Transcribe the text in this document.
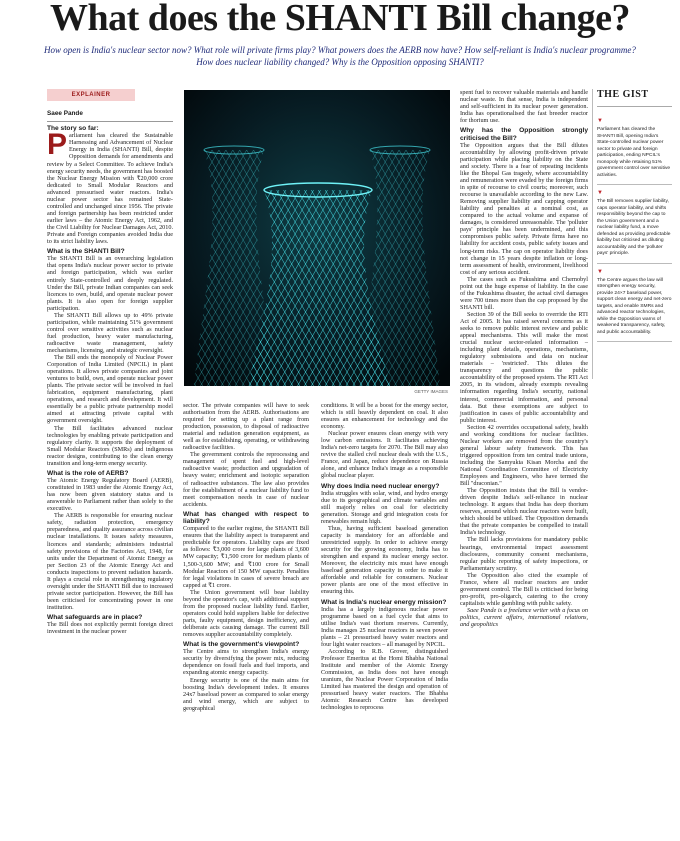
What does the SHANTI Bill change?
How open is India's nuclear sector now? What role will private firms play? What powers does the AERB now have? How self-reliant is India's nuclear programme?
How does nuclear liability changed? Why is the Opposition opposing SHANTI?
EXPLAINER
Saee Pande
The story so far:

Parliament has cleared the Sustainable Harnessing and Advancement of Nuclear Energy in India (SHANTI) Bill, despite Opposition demands for amendments and review by a Select Committee. To achieve India's energy security needs, the government has boosted the Nuclear Energy Mission with ₹20,000 crore dedicated to Small Modular Reactors and advanced pressurised water reactors. India's nuclear power sector has remained State-controlled and unchanged since 1956. The private and foreign partnership has been restricted under earlier laws – the Atomic Energy Act, 1962, and the Civil Liability for Nuclear Damages Act, 2010. Private and Foreign companies avoided India due to its strict liability laws.

What is the SHANTI Bill?

The SHANTI Bill is an overarching legislation that opens India's nuclear power sector to private and foreign participation, which was earlier entirely State-controlled and deeply regulated. Under the Bill, private Indian companies can seek licences to own, build, and operate nuclear power plants. It is also open for foreign supplier participation.

The SHANTI Bill allows up to 49% private participation, while maintaining 51% government control over sensitive activities such as nuclear fuel production, heavy water manufacturing, radioactive waste management, safety mechanisms, licensing, and strategic oversight.

The Bill ends the monopoly of Nuclear Power Corporation of India Limited (NPCIL) in plant operations. It allows private companies and joint ventures to build, own, and operate nuclear power plants. The private sector will be involved in fuel fabrication, equipment manufacturing, plant operations, and research and development. It will essentially be a public private partnership model aimed at attracting private capital with government oversight.

The Bill facilitates advanced nuclear technologies by enabling private participation and regulatory clarity. It supports the deployment of Small Modular Reactors (SMRs) and indigenous reactor designs, contributing to the clean energy transition and long-term energy security.

What is the role of AERB?

The Atomic Energy Regulatory Board (AERB), constituted in 1983 under the Atomic Energy Act, has now been given statutory status and is answerable to Parliament rather than solely to the executive.

The AERB is responsible for ensuring nuclear safety, radiation protection, emergency preparedness, and quality assurance across civilian nuclear installations. It issues safety measures, licences and standards; administers industrial safety provisions of the Factories Act, 1948, for units under the Department of Atomic Energy as per Section 23 of the Atomic Energy Act and conducts inspections to prevent radiation hazards. It plays a crucial role in strengthening regulatory oversight under the SHANTI Bill due to increased private sector participation. However, the Bill has been criticised for concentrating power in one institution.

What safeguards are in place?

The Bill does not explicitly permit foreign direct investment in the nuclear power

GETTY IMAGES

sector. The private companies will have to seek authorisation from the AERB. Authorisations are required for setting up a plant range from production, possession, to disposal of radioactive material and radiation generation equipment, as well as for establishing, operating, or withdrawing radioactive facilities.

The government controls the reprocessing and management of spent fuel and high-level radioactive waste; production and upgradation of heavy water; enrichment and isotopic separation of radioactive substances. The law also provides for the establishment of a nuclear liability fund to meet compensation needs in case of nuclear accidents.

What has changed with respect to liability?

Compared to the earlier regime, the SHANTI Bill ensures that the liability aspect is transparent and predictable for operators. Liability caps are fixed as follows: ₹3,000 crore for large plants of 3,600 MW capacity; ₹1,500 crore for medium plants of 1,500-3,600 MW; and ₹100 crore for Small Modular Reactors of 150 MW capacity. Penalties for legal violations in cases of severe breach are capped at ₹1 crore.

The Union government will bear liability beyond the operator's cap, with additional support from the proposed nuclear liability fund. Earlier, operators could hold suppliers liable for defective parts, faulty equipment, design inefficiency, and deliberate acts causing damage. The current Bill removes supplier accountability completely.

What is the government's viewpoint?

The Centre aims to strengthen India's energy security by diversifying the power mix, reducing dependence on fossil fuels and fuel imports, and expanding atomic energy capacity.

Energy security is one of the main aims for boosting India's development index. It ensures 24x7 baseload power as compared to solar energy and wind energy, which are subject to geographical

conditions. It will be a boost for the energy sector, which is still heavily dependent on coal. It also ensures an enhancement for technology and the economy.

Nuclear power ensures clean energy with very low carbon emissions. It facilitates achieving India's net-zero targets for 2070. The Bill may also revive the stalled civil nuclear deals with the U.S., France, and Japan, reduce dependence on Russia alone, and enhance India's image as a responsible global nuclear player.

Why does India need nuclear energy?

India struggles with solar, wind, and hydro energy due to its geographical and climate variables and still majorly relies on coal for electricity generation. Storage and grid integration costs for renewables remain high.

Thus, having sufficient baseload generation capacity is mandatory for an affordable and unrestricted supply. In order to achieve energy security for the growing economy, India has to strengthen and expand its nuclear energy sector. Moreover, the electricity mix must have enough baseload generation capacity in order to make it affordable and reliable for consumers. Nuclear power plants are one of the most effective in ensuring this.

What is India's nuclear energy mission?

India has a largely indigenous nuclear power programme based on a fuel cycle that aims to utilise India's vast thorium reserves. Currently, India manages 25 nuclear reactors in seven power plants – 21 pressurised heavy water reactors and four light water reactors – all managed by NPCIL.

According to R.B. Grover, distinguished Professor Emeritus at the Homi Bhabha National Institute and member of the Atomic Energy Commission, as India does not have enough uranium, the Nuclear Power Corporation of India Limited has mastered the design and operation of pressurised heavy water reactors. The Bhabha Atomic Research Centre has developed technologies to reprocess

spent fuel to recover valuable materials and handle nuclear waste. In that sense, India is independent and self-sufficient in its nuclear power generation. India has operationalised the fast breeder reactor for thorium use.

Why has the Opposition strongly criticised the Bill?

The Opposition argues that the Bill dilutes accountability by allowing profit-driven private participation while placing liability on the State and society. There is a fear of repeating incidents like the Bhopal Gas tragedy, where accountability and remuneration were evaded by the foreign firms in spite of recourse to civil courts; moreover, such recourse is unavailable according to the new Law. Removing supplier liability and capping operator liability and penalties at a nominal cost, as compared to the actual volume and expanse of damages, is considered unreasonable. The 'polluter pays' principle has been undermined, and this compromises public safety. Private firms have no liability for accident costs, public safety issues and long-term risks. The cap on operator liability does not change in 15 years despite inflation or long-term assessment of health, environment, livelihood cost of any serious accident.

The cases such as Fukushima and Chernobyl point out the huge expense of liability. In the case of the Fukushima disaster, the actual civil damages were 700 times more than the cap proposed by the SHANTI bill.

Section 39 of the Bill seeks to override the RTI Act of 2005. It has raised several concerns as it seeks to remove public interest review and public appeal mechanisms. This will make the most crucial nuclear sector-related information – including plant details, operations, mechanisms, regulatory submissions and data on nuclear materials – 'restricted'. This dilutes the transparency and questions the public accountability of the proposed system. The RTI Act 2005, in its wisdom, already exempts revealing information regarding India's security, national interest, commercial information, and personal data. But these exemptions are subject to justification in cases of public accountability and public interest.

Section 42 overrides occupational safety, health and working conditions for nuclear facilities. Nuclear workers are removed from the country's general labour safety framework. This has triggered opposition from ten central trade unions, including the Samyukta Kisan Morcha and the National Coordination Committee of Electricity Employees and Engineers, who have termed the Bill "draconian."

The Opposition insists that the Bill is vendor-driven despite India's self-reliance in nuclear technology. It argues that India has deep thorium reserves, around which nuclear reactors were built, which should be utilised. The Opposition demands that the private companies be compelled to install India's technology.

The Bill lacks provisions for mandatory public hearings, environmental impact assessment disclosures, community consent mechanisms, regular public reporting of safety inspections, or Parliamentary scrutiny.

The Opposition also cited the example of France, where all nuclear reactors are under government control. The Bill is criticised for being pro-profit, pro-oligarch, catering to the crony capitalists while gambling with public safety.

Saee Pande is a freelance writer with a focus on politics, current affairs, international relations, and geopolitics

THE GIST
▼
Parliament has cleared the SHANTI Bill, opening India's State-controlled nuclear power sector to private and foreign participation, ending NPCIL's monopoly while retaining 51% government control over sensitive activities.
▼
The Bill removes supplier liability, caps operator liability, and shifts responsibility beyond the cap to the Union government and a nuclear liability fund, a move defended as providing predictable liability but criticised as diluting accountability and the 'polluter pays' principle.
▼
The Centre argues the law will strengthen energy security, provide 24×7 baseload power, support clean energy and net-zero targets, and enable SMRs and advanced reactor technologies, while the Opposition warns of weakened transparency, safety, and public accountability.
